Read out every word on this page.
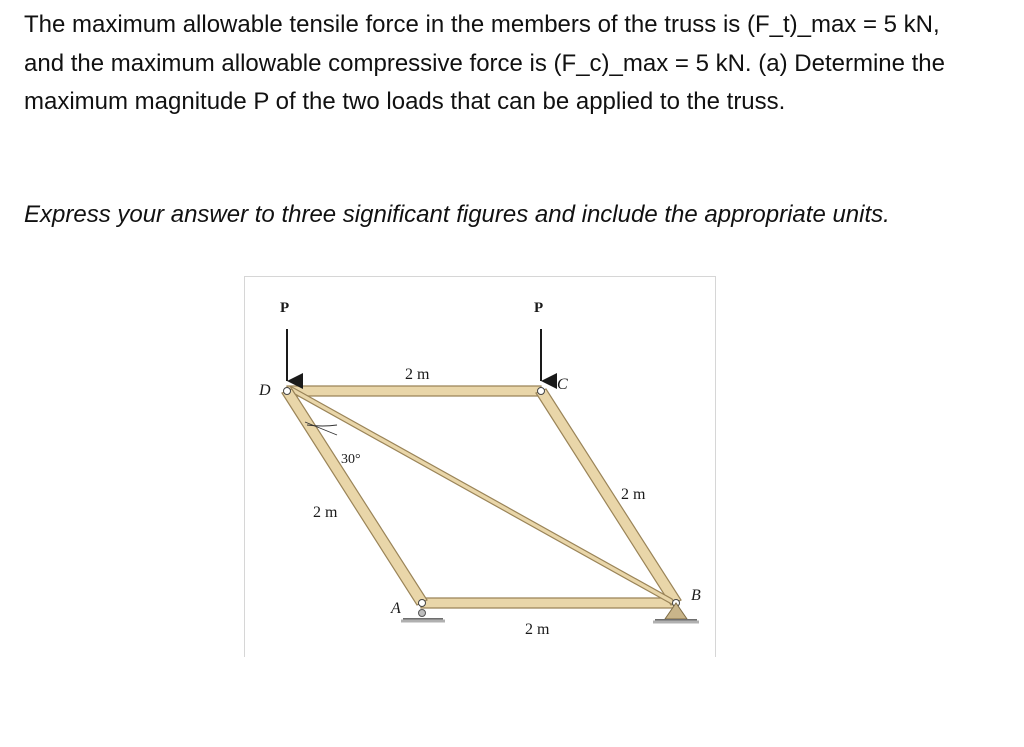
The maximum allowable tensile force in the members of the truss is (F_t)_max = 5 kN, and the maximum allowable compressive force is (F_c)_max = 5 kN. (a) Determine the maximum magnitude P of the two loads that can be applied to the truss.
Express your answer to three significant figures and include the appropriate units.
P	P
D	C
A
B
2 m
2 m
2 m
2 m
30°
